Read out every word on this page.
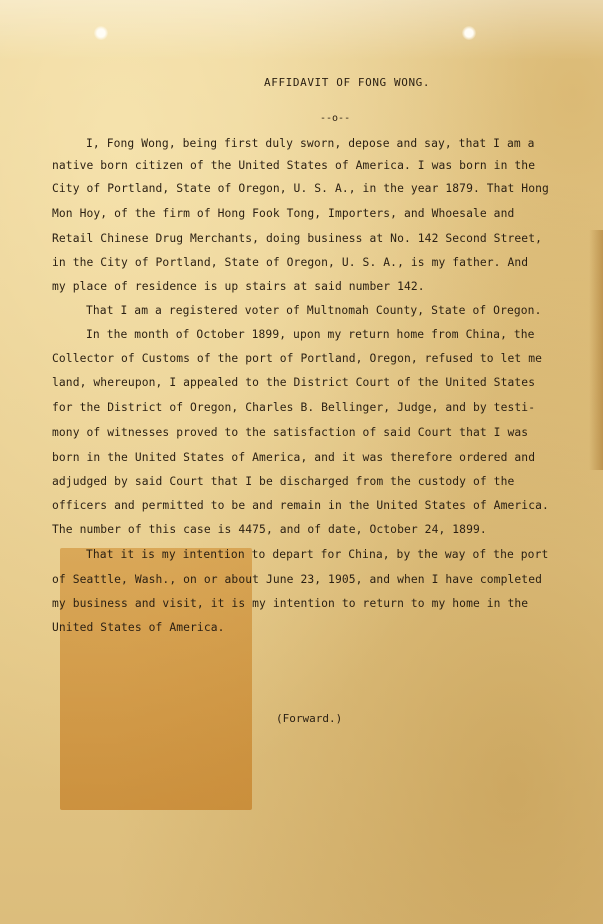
AFFIDAVIT OF FONG WONG.
--o--
I, Fong Wong, being first duly sworn, depose and say, that I am a
native born citizen of the United States of America. I was born in the
City of Portland, State of Oregon, U. S. A., in the year 1879. That Hong
Mon Hoy, of the firm of Hong Fook Tong, Importers, and Whoesale and
Retail Chinese Drug Merchants, doing business at No. 142 Second Street,
in the City of Portland, State of Oregon, U. S. A., is my father. And
my place of residence is up stairs at said number 142.
That I am a registered voter of Multnomah County, State of Oregon.
In the month of October 1899, upon my return home from China, the
Collector of Customs of the port of Portland, Oregon, refused to let me
land, whereupon, I appealed to the District Court of the United States
for the District of Oregon, Charles B. Bellinger, Judge, and by testi-
mony of witnesses proved to the satisfaction of said Court that I was
born in the United States of America, and it was therefore ordered and
adjudged by said Court that I be discharged from the custody of the
officers and permitted to be and remain in the United States of America.
The number of this case is 4475, and of date, October 24, 1899.
That it is my intention to depart for China, by the way of the port
of Seattle, Wash., on or about June 23, 1905, and when I have completed
my business and visit, it is my intention to return to my home in the
United States of America.
(Forward.)
